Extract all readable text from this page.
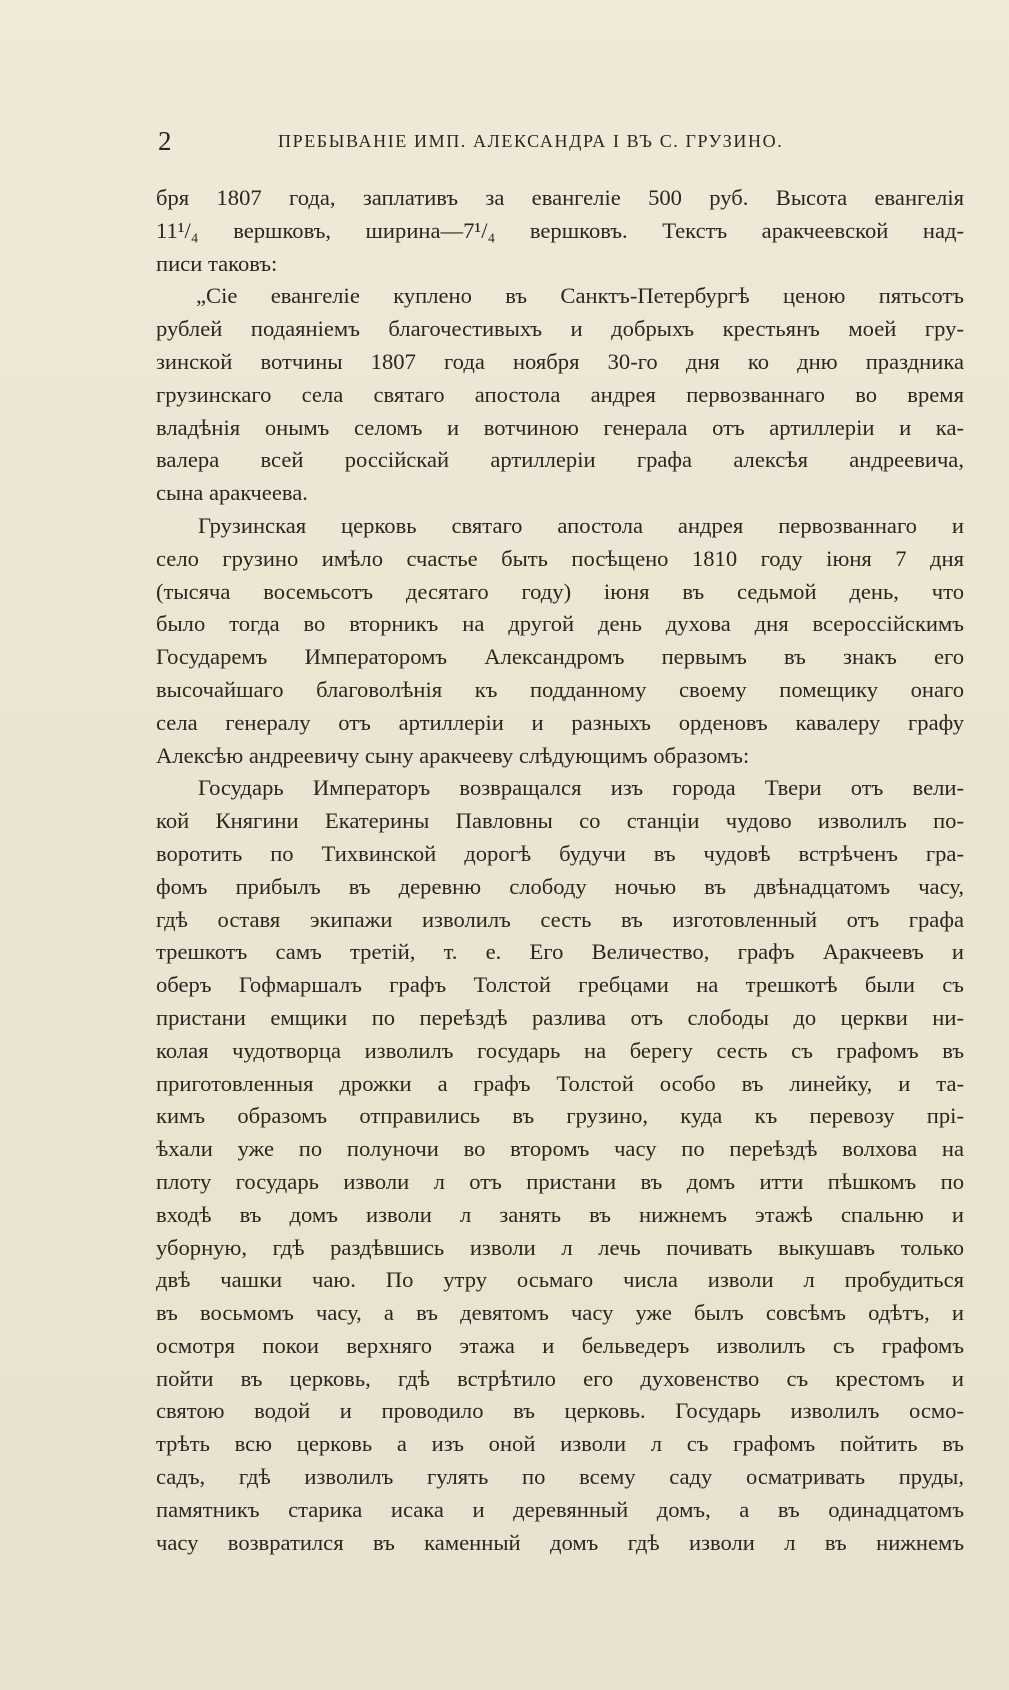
2	ПРЕБЫВАНІЕ ИМП. АЛЕКСАНДРА I ВЪ С. ГРУЗИНО.
бря 1807 года, заплативъ за евангеліе 500 руб. Высота евангелія
11¹/₄ вершковъ, ширина—7¹/₄ вершковъ. Текстъ аракчеевской над-
писи таковъ:
„Сіе евангеліе куплено въ Санктъ-Петербургѣ ценою пятьсотъ
рублей подаяніемъ благочестивыхъ и добрыхъ крестьянъ моей гру-
зинской вотчины 1807 года ноября 30-го дня ко дню праздника
грузинскаго села святаго апостола андрея первозваннаго во время
владѣнія онымъ селомъ и вотчиною генерала отъ артиллеріи и ка-
валера всей россійскай артиллеріи графа алексѣя андреевича,
сына аракчеева.
Грузинская церковь святаго апостола андрея первозваннаго и
село грузино имѣло счастье быть посѣщено 1810 году іюня 7 дня
(тысяча восемьсотъ десятаго году) іюня въ седьмой день, что
было тогда во вторникъ на другой день духова дня всероссійскимъ
Государемъ Императоромъ Александромъ первымъ въ знакъ его
высочайшаго благоволѣнія къ подданному своему помещику онаго
села генералу отъ артиллеріи и разныхъ орденовъ кавалеру графу
Алексѣю андреевичу сыну аракчееву слѣдующимъ образомъ:
Государь Императоръ возвращался изъ города Твери отъ вели-
кой Княгини Екатерины Павловны со станціи чудово изволилъ по-
воротить по Тихвинской дорогѣ будучи въ чудовѣ встрѣченъ гра-
фомъ прибылъ въ деревню слободу ночью въ двѣнадцатомъ часу,
гдѣ оставя экипажи изволилъ сесть въ изготовленный отъ графа
трешкотъ самъ третій, т. е. Его Величество, графъ Аракчеевъ и
оберъ Гофмаршалъ графъ Толстой гребцами на трешкотѣ были съ
пристани емщики по переѣздѣ разлива отъ слободы до церкви ни-
колая чудотворца изволилъ государь на берегу сесть съ графомъ въ
приготовленныя дрожки а графъ Толстой особо въ линейку, и та-
кимъ образомъ отправились въ грузино, куда къ перевозу прі-
ѣхали уже по полуночи во второмъ часу по переѣздѣ волхова на
плоту государь изволи л отъ пристани въ домъ итти пѣшкомъ по
входѣ въ домъ изволи л занять въ нижнемъ этажѣ спальню и
уборную, гдѣ раздѣвшись изволи л лечь почивать выкушавъ только
двѣ чашки чаю. По утру осьмаго числа изволи л пробудиться
въ восьмомъ часу, а въ девятомъ часу уже былъ совсѣмъ одѣтъ, и
осмотря покои верхняго этажа и бельведеръ изволилъ съ графомъ
пойти въ церковь, гдѣ встрѣтило его духовенство съ крестомъ и
святою водой и проводило въ церковь. Государь изволилъ осмо-
трѣть всю церковь а изъ оной изволи л съ графомъ пойтить въ
садъ, гдѣ изволилъ гулять по всему саду осматривать пруды,
памятникъ старика исака и деревянный домъ, а въ одинадцатомъ
часу возвратился въ каменный домъ гдѣ изволи л въ нижнемъ
